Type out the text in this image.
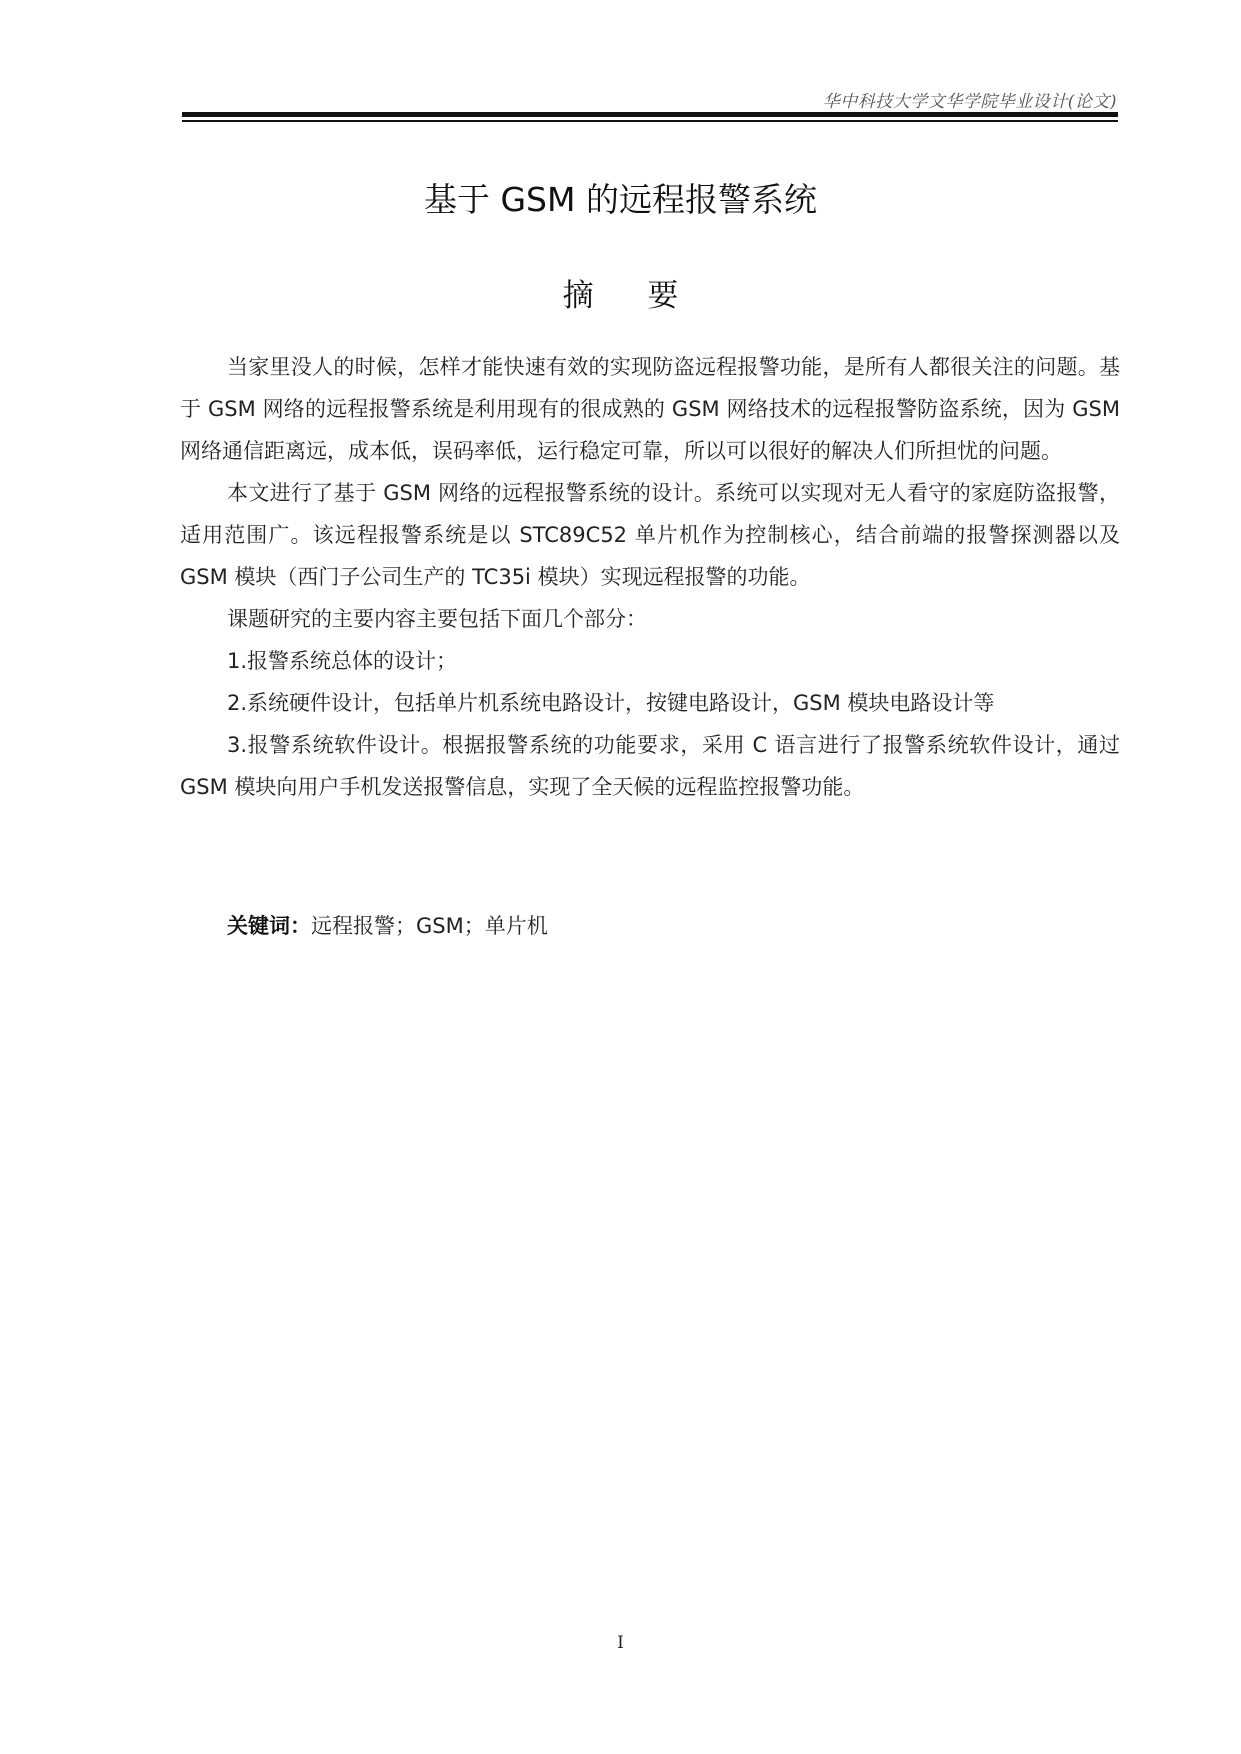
华中科技大学文华学院毕业设计(论文)
基于 GSM 的远程报警系统
摘 要

当家里没人的时候，怎样才能快速有效的实现防盗远程报警功能，是所有人都很关注的问题。基于 GSM 网络的远程报警系统是利用现有的很成熟的 GSM 网络技术的远程报警防盗系统，因为 GSM 网络通信距离远，成本低，误码率低，运行稳定可靠，所以可以很好的解决人们所担忧的问题。

本文进行了基于 GSM 网络的远程报警系统的设计。系统可以实现对无人看守的家庭防盗报警，适用范围广。该远程报警系统是以 STC89C52 单片机作为控制核心，结合前端的报警探测器以及 GSM 模块（西门子公司生产的 TC35i 模块）实现远程报警的功能。

课题研究的主要内容主要包括下面几个部分：

1.报警系统总体的设计；

2.系统硬件设计，包括单片机系统电路设计，按键电路设计，GSM 模块电路设计等

3.报警系统软件设计。根据报警系统的功能要求，采用 C 语言进行了报警系统软件设计，通过 GSM 模块向用户手机发送报警信息，实现了全天候的远程监控报警功能。

关键词：远程报警；GSM；单片机
I
